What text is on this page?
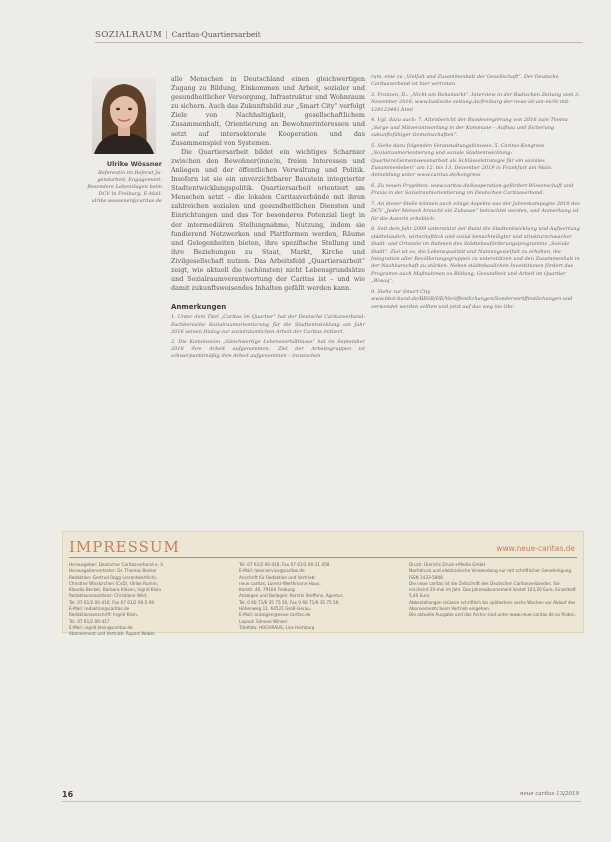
SOZIALRAUM | Caritas-Quartiersarbeit
Ulrike Wössner
Referentin im Referat Ju-gendarbeit, Engagement, Besondere Lebenslagen beim DCV in Freiburg. E-Mail: ulrike.woessner@caritas.de

alle Menschen in Deutschland einen gleichwertigen Zugang zu Bildung, Einkommen und Arbeit, sozialer und gesundheitlicher Versorgung, Infrastruktur und Wohnraum zu sichern. Auch das Zukunftsbild zur „Smart City“ verfolgt Ziele von Nachhaltigkeit, gesellschaftlichem Zusammenhalt, Orientierung an Bewohnerinteressen und setzt auf intersektorale Kooperation und das Zusammenspiel von Systemen.

Die Quartiersarbeit bildet ein wichtiges Scharnier zwischen den Bewohner(inne)n, freien Interessen und Anliegen und der öffentlichen Verwaltung und Politik. Insofern ist sie ein unverzichtbarer Baustein integrierter Stadtentwicklungspolitik. Quartiersarbeit orientiert am Menschen setzt – die lokalen Caritasverbände mit ihren zahlreichen sozialen und gesundheitlichen Diensten und Einrichtungen und das Tor besonderes Potenzial liegt in der intermediären Stellungnahme, Nutzung, indem sie fundierend Netzwerken und Plattformen werden, Räume und Gelegenheiten bieten, ihre spezifische Stellung und ihre Beziehungen zu Staat, Markt, Kirche und Zivilgesellschaft nutzen. Das Arbeitsfeld „Quartiersarbeit“ zeigt, wie aktuell die (schönsten) nicht Lebensgrundsätze und Sozialraumverantwortung der Caritas ist – und wie damit zukunftsweisendes Inhalten gefällt werden kann.

Anmerkungen

1. Unter dem Titel „Caritas im Quartier“ hat der Deutsche Caritasverband: Fachbereiche Sozialraumorientierung für die Stadtentwicklung am Jahr 2016 seinen Dialog zur sozialräumlichen Arbeit der Caritas initiiert.

2. Die Kommission „Gleichwertige Lebensverhältnisse“ hat im September 2018 ihre Arbeit aufgenommen. Ziel der Arbeitsgruppen ist schwerpunktmäßig ihre Arbeit aufgenommen – inzwischen

rum, eine zu „Vielfalt und Zusammenhalt der Gesellschaft“. Der Deutsche Caritasverband ist hier vertreten.
3. Franzen, D.: „Nicht am Rehamarkt“. Interview in der Badischen Zeitung vom 3. November 2016, www.badische-zeitung.de/freiburg-der-neue-ist-am-nicht-mit-129123441.html
4. Vgl. dazu auch: 7. Altenbericht der Bundesregierung von 2016 zum Thema „Sorge und Mitverantwortung in der Kommune – Aufbau und Sicherung zukunftsfähiger Gemeinschaften“.
5. Siehe dazu folgenden Veranstaltungshinweis: 5. Caritas-Kongress „Sozialraumorientierung und soziale Stadtentwicklung: Quartiere/Gemeinwesenarbeit als Schlüsselstrategie für ein soziales Zusammenleben“ am 12. bis 13. Dezember 2019 in Frankfurt am Main. Anmeldung unter www.caritas.de/kongress
6. Zu neuen Projekten: www.caritas.de/kooperation-gefördert-Wissenschaft und Praxis in der Sozialraumorientierung im Deutschen Caritasverband.
7. An dieser Stelle können auch einige Aspekte aus der Jahreskampagne 2018 des DCV „Jeder Mensch braucht ein Zuhause“ betrachtet werden, und Anmerkung ist für die Autorin erheblich.
8. Seit dem Jahr 2009 unterstützt der Bund die Stadtentwicklung und Aufwertung städtebaulich, wirtschaftlich und sozial benachteiligter und strukturschwacher Stadt- und Ortsteile im Rahmen des Städtebauförderungsprogramms „Soziale Stadt“. Ziel ist es, die Lebensqualität und Nutzungsvielfalt zu erhöhen, die Integration aller Bevölkerungsgruppen zu unterstützen und den Zusammenhalt in der Nachbarschaft zu stärken. Neben städtebaulichen Investitionen fördert das Programm auch Maßnahmen zu Bildung, Gesundheit und Arbeit im Quartier „Biwaq“.
9. Siehe zur Smart City www.bbsr.bund.de/BBSR/DE/Veröffentlichungen/Sonderveröffentlichungen und verwendet werden sollten und jetzt auf das weg ins Ohr.
IMPRESSUM	www.neue-caritas.de
Herausgeber: Deutscher Caritasverband e. V.
Herausgebervertreter: Dr. Thomas Becker
Redaktion: Gertrud Rogg (verantwortlich),
Christine Wisskirchen (CvD), Ulrike Rumm,
Klaudia Becker, Barbara Kläsen, Ingrid Klein
Redaktionsassistenz: Christiane Wild,
Tel. 07 61/2 00-410, Fax 07 61/2 00-5 09
E-Mail: redaktion@caritas.de
Redaktionsanschrift: Ingrid Klein,
Tel. 07 61/2 00-417
E-Mail: ingrid.klein@caritas.de
Abonnement und Vertrieb: Rupert Weber,
Tel. 07 61/2 00-418, Fax 07 61/2 00-11 458
E-Mail: leserservice@caritas.de
Anschrift für Redaktion und Vertrieb:
neue caritas, Lorenz-Werthmann-Haus,
Karlstr. 40, 79104 Freiburg
Anzeigen und Beilagen: Kerstin Steffens, Agentur,
Tel. 0 60 71/6 35 75 50, Fax 0 60 71/6 35 75 59,
Höhenweg 11, 64521 Groß-Gerau,
E-Mail: anzeigen@neue-caritas.de
Layout: Simone Winzer
Titelfoto: HOCHRAUS, Lisa Hamburg
Druck: Dierichs Druck+Media GmbH
Nachdruck und elektronische Verwendung nur mit schriftlicher Genehmigung. ISSN 1433-5808
Die neue caritas ist die Zeitschrift des Deutschen Caritasverbandes. Sie erscheint 20-mal im Jahr. Das Jahresabonnement kostet 103,20 Euro, Einzelheft 5,40 Euro.
Abbestellungen müssen schriftlich bis spätestens sechs Wochen vor Ablauf des Abonnements beim Vertrieb eingehen.
Die aktuelle Ausgabe und das Archiv sind unter www.neue-caritas.de zu finden.
16	neue caritas 13/2019
